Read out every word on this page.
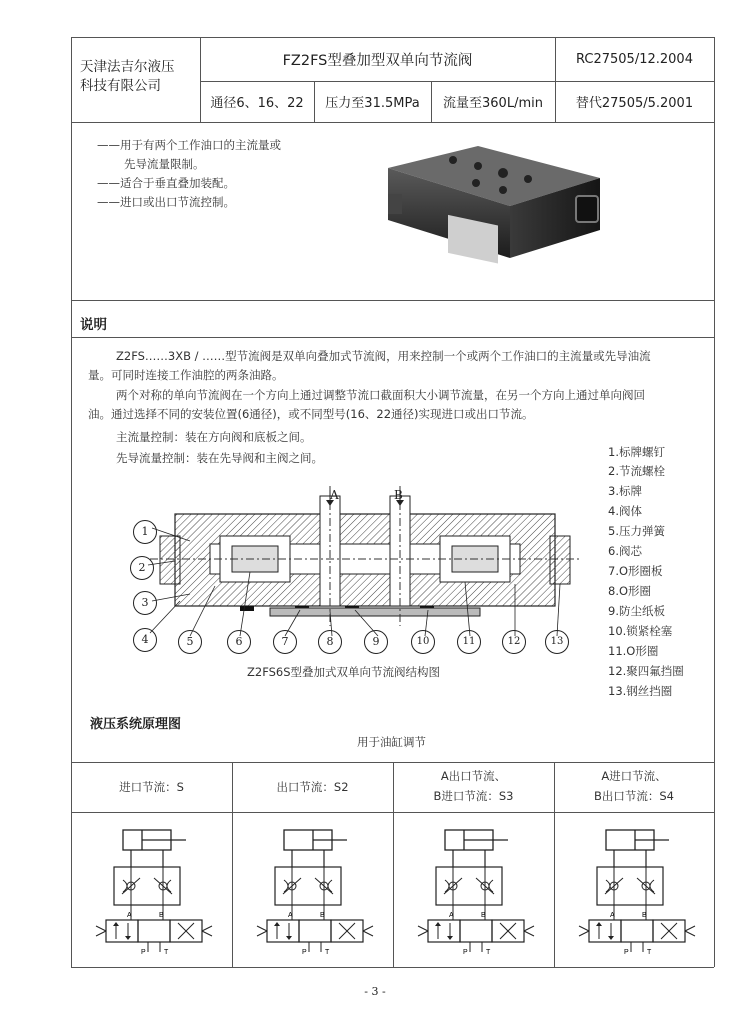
天津法吉尔液压
科技有限公司
FZ2FS型叠加型双单向节流阀	RC27505/12.2004
通径6、16、22	压力至31.5MPa	流量至360L/min	替代27505/5.2001
——用于有两个工作油口的主流量或
先导流量限制。
——适合于垂直叠加装配。
——进口或出口节流控制。
说明
Z2FS……3XB / ……型节流阀是双单向叠加式节流阀，用来控制一个或两个工作油口的主流量或先导油流
量。可同时连接工作油腔的两条油路。
两个对称的单向节流阀在一个方向上通过调整节流口截面积大小调节流量，在另一个方向上通过单向阀回
油。通过选择不同的安装位置(6通径)，或不同型号(16、22通径)实现进口或出口节流。
主流量控制：装在方向阀和底板之间。
先导流量控制：装在先导阀和主阀之间。	1.标牌螺钉
2.节流螺栓
3.标牌
4.阀体
5.压力弹簧
6.阀芯
7.O形圈板
8.O形圈
9.防尘纸板
10.锁紧栓塞
11.O形圈
12.聚四氟挡圈
13.钢丝挡圈
A	B
1
2
3
4	5	6	7	8	9	10	11	12	13
Z2FS6S型叠加式双单向节流阀结构图
液压系统原理图
用于油缸调节
进口节流：S	出口节流：S2
A出口节流、
B进口节流：S3
A进口节流、
B出口节流：S4
A	B
P	T
A	B
P	T
A	B
P	T
A	B
P	T
- 3 -
